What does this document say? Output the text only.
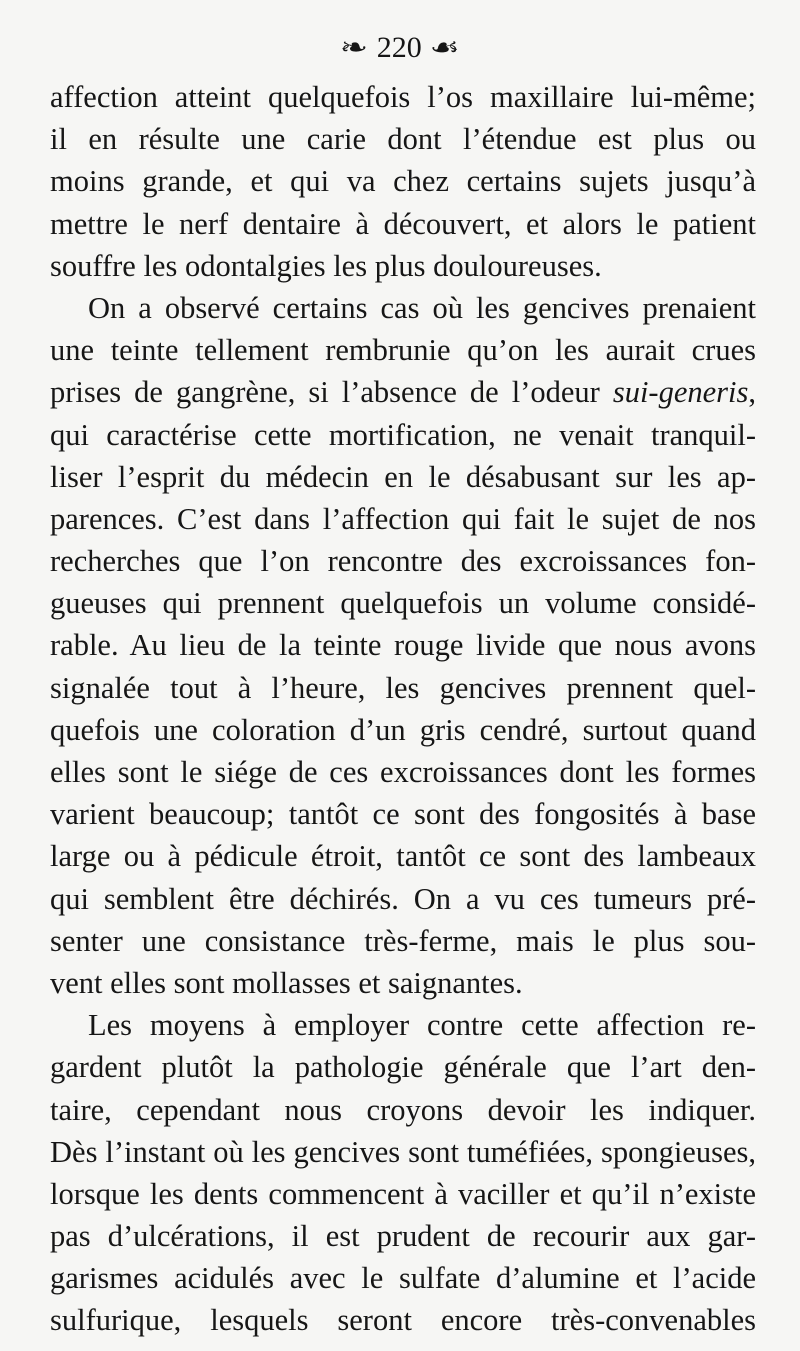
❧ 220 ☙
affection atteint quelquefois l’os maxillaire lui-même;
il en résulte une carie dont l’étendue est plus ou
moins grande, et qui va chez certains sujets jusqu’à
mettre le nerf dentaire à découvert, et alors le patient
souffre les odontalgies les plus douloureuses.
On a observé certains cas où les gencives prenaient
une teinte tellement rembrunie qu’on les aurait crues
prises de gangrène, si l’absence de l’odeur sui-generis,
qui caractérise cette mortification, ne venait tranquil-
liser l’esprit du médecin en le désabusant sur les ap-
parences. C’est dans l’affection qui fait le sujet de nos
recherches que l’on rencontre des excroissances fon-
gueuses qui prennent quelquefois un volume considé-
rable. Au lieu de la teinte rouge livide que nous avons
signalée tout à l’heure, les gencives prennent quel-
quefois une coloration d’un gris cendré, surtout quand
elles sont le siége de ces excroissances dont les formes
varient beaucoup; tantôt ce sont des fongosités à base
large ou à pédicule étroit, tantôt ce sont des lambeaux
qui semblent être déchirés. On a vu ces tumeurs pré-
senter une consistance très-ferme, mais le plus sou-
vent elles sont mollasses et saignantes.
Les moyens à employer contre cette affection re-
gardent plutôt la pathologie générale que l’art den-
taire, cependant nous croyons devoir les indiquer.
Dès l’instant où les gencives sont tuméfiées, spongieuses,
lorsque les dents commencent à vaciller et qu’il n’existe
pas d’ulcérations, il est prudent de recourir aux gar-
garismes acidulés avec le sulfate d’alumine et l’acide
sulfurique, lesquels seront encore très-convenables
